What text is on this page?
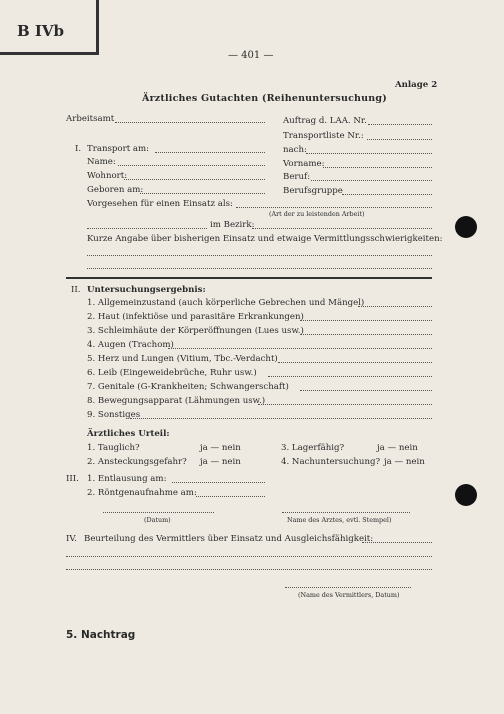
B IVb
— 401 —
Anlage 2
Ärztliches Gutachten (Reihenuntersuchung)
Arbeitsamt	Auftrag d. LAA. Nr.
Transportliste Nr.:
I. Transport am:	nach:
Name:	Vorname:
Wohnort:	Beruf:
Geboren am:	Berufsgruppe
Vorgesehen für einen Einsatz als:
(Art der zu leistenden Arbeit)
im Bezirk:
Kurze Angabe über bisherigen Einsatz und etwaige Vermittlungsschwierigkeiten:
II. Untersuchungsergebnis:
1. Allgemeinzustand (auch körperliche Gebrechen und Mängel)
2. Haut (infektiöse und parasitäre Erkrankungen)
3. Schleimhäute der Körperöffnungen (Lues usw.)
4. Augen (Trachom)
5. Herz und Lungen (Vitium, Tbc.-Verdacht)
6. Leib (Eingeweidebrüche, Ruhr usw.)
7. Genitale (G-Krankheiten; Schwangerschaft)
8. Bewegungsapparat (Lähmungen usw.)
9. Sonstiges
Ärztliches Urteil:
1. Tauglich?	ja — nein	3. Lagerfähig?	ja — nein
2. Ansteckungsgefahr? ja — nein	4. Nachuntersuchung? ja — nein
III. 1. Entlausung am:
2. Röntgenaufnahme am:
(Datum)	Name des Arztes, evtl. Stempel)
IV. Beurteilung des Vermittlers über Einsatz und Ausgleichsfähigkeit:
(Name des Vermittlers, Datum)
5. Nachtrag
